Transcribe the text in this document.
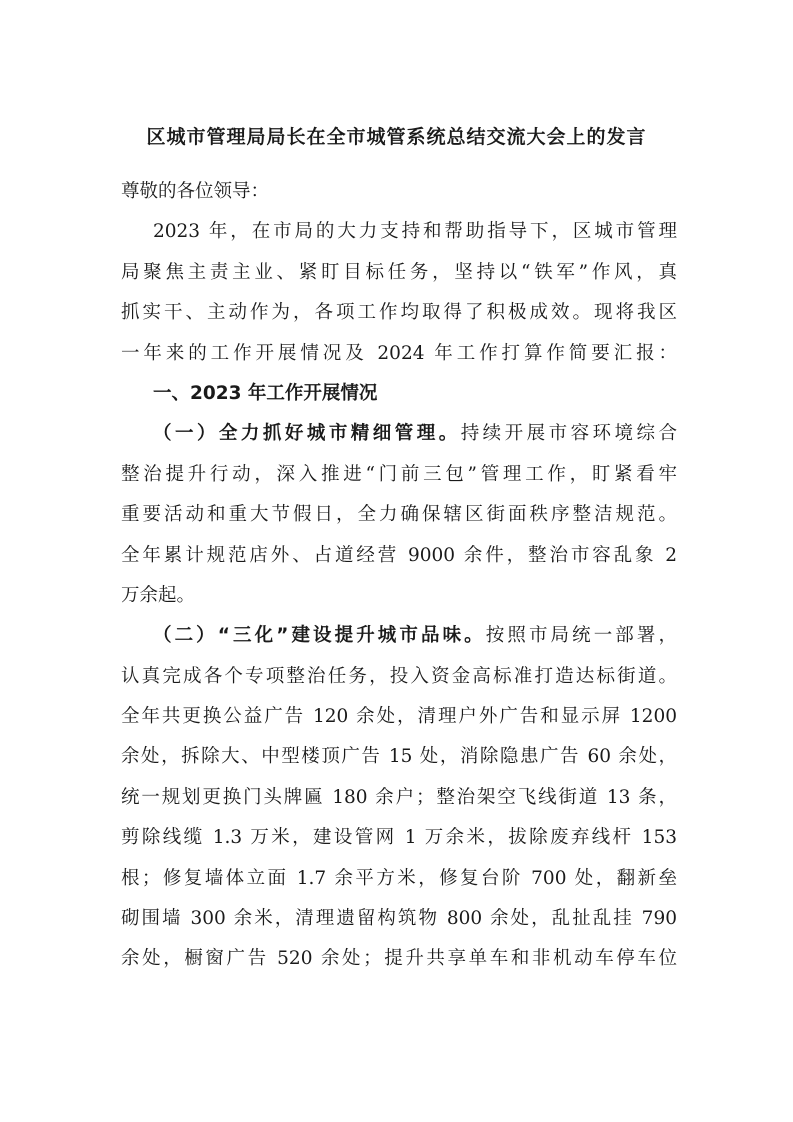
区城市管理局局长在全市城管系统总结交流大会上的发言
尊敬的各位领导：
2023 年，在市局的大力支持和帮助指导下，区城市管理
局聚焦主责主业、紧盯目标任务，坚持以“铁军”作风，真
抓实干、主动作为，各项工作均取得了积极成效。现将我区
一年来的工作开展情况及 2024 年工作打算作简要汇报：
一、2023 年工作开展情况
（一）全力抓好城市精细管理。持续开展市容环境综合
整治提升行动，深入推进“门前三包”管理工作，盯紧看牢
重要活动和重大节假日，全力确保辖区街面秩序整洁规范。
全年累计规范店外、占道经营 9000 余件，整治市容乱象 2
万余起。
（二）“三化”建设提升城市品味。按照市局统一部署，
认真完成各个专项整治任务，投入资金高标准打造达标街道。
全年共更换公益广告 120 余处，清理户外广告和显示屏 1200
余处，拆除大、中型楼顶广告 15 处，消除隐患广告 60 余处，
统一规划更换门头牌匾 180 余户；整治架空飞线街道 13 条，
剪除线缆 1.3 万米，建设管网 1 万余米，拔除废弃线杆 153
根；修复墙体立面 1.7 余平方米，修复台阶 700 处，翻新垒
砌围墙 300 余米，清理遗留构筑物 800 余处，乱扯乱挂 790
余处，橱窗广告 520 余处；提升共享单车和非机动车停车位
